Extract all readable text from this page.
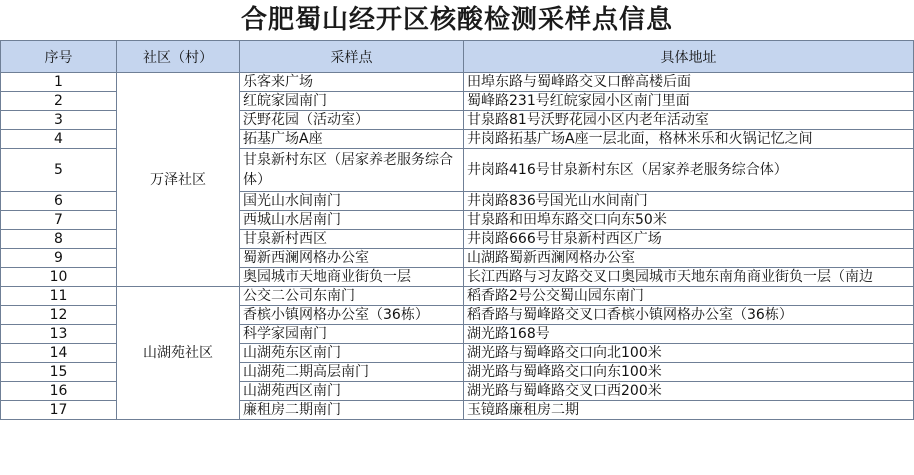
合肥蜀山经开区核酸检测采样点信息
序号	社区（村）	采样点	具体地址
1	万泽社区	乐客来广场	田埠东路与蜀峰路交叉口醉高楼后面
2		红皖家园南门	蜀峰路231号红皖家园小区南门里面
3		沃野花园（活动室）	甘泉路81号沃野花园小区内老年活动室
4		拓基广场A座	井岗路拓基广场A座一层北面，格林米乐和火锅记忆之间
5		甘泉新村东区（居家养老服务综合体）	井岗路416号甘泉新村东区（居家养老服务综合体）
6		国光山水间南门	井岗路836号国光山水间南门
7		西城山水居南门	甘泉路和田埠东路交口向东50米
8		甘泉新村西区	井岗路666号甘泉新村西区广场
9		蜀新西澜网格办公室	山湖路蜀新西澜网格办公室
10		奥园城市天地商业街负一层	长江西路与习友路交叉口奥园城市天地东南角商业街负一层（南边
11	山湖苑社区	公交二公司东南门	稻香路2号公交蜀山园东南门
12		香槟小镇网格办公室（36栋）	稻香路与蜀峰路交叉口香槟小镇网格办公室（36栋）
13		科学家园南门	湖光路168号
14		山湖苑东区南门	湖光路与蜀峰路交口向北100米
15		山湖苑二期高层南门	湖光路与蜀峰路交口向东100米
16		山湖苑西区南门	湖光路与蜀峰路交叉口西200米
17		廉租房二期南门	玉镜路廉租房二期
